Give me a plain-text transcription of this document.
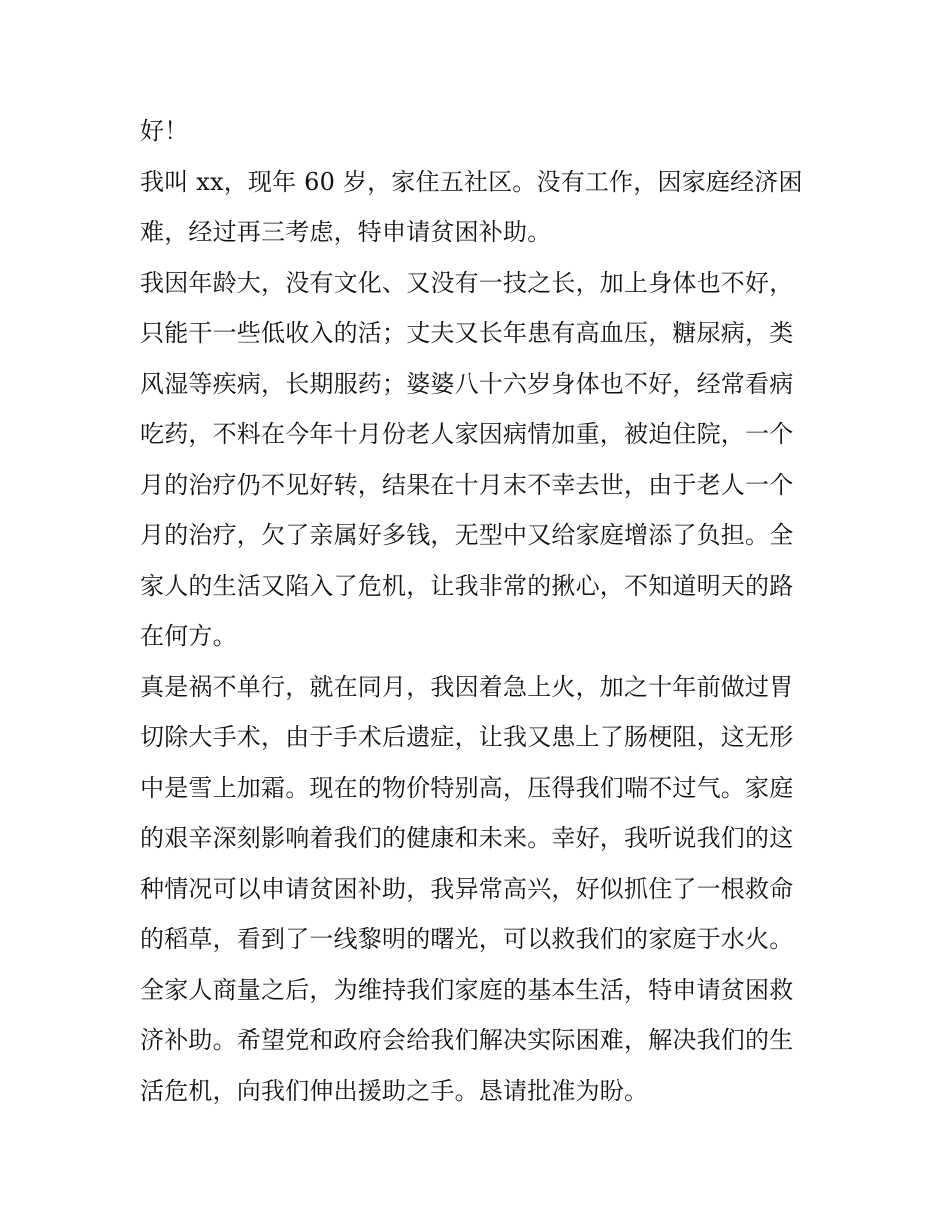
好！
我叫 xx，现年 60 岁，家住五社区。没有工作，因家庭经济困
难，经过再三考虑，特申请贫困补助。
我因年龄大，没有文化、又没有一技之长，加上身体也不好，
只能干一些低收入的活；丈夫又长年患有高血压，糖尿病，类
风湿等疾病，长期服药；婆婆八十六岁身体也不好，经常看病
吃药，不料在今年十月份老人家因病情加重，被迫住院，一个
月的治疗仍不见好转，结果在十月末不幸去世，由于老人一个
月的治疗，欠了亲属好多钱，无型中又给家庭增添了负担。全
家人的生活又陷入了危机，让我非常的揪心，不知道明天的路
在何方。
真是祸不单行，就在同月，我因着急上火，加之十年前做过胃
切除大手术，由于手术后遗症，让我又患上了肠梗阻，这无形
中是雪上加霜。现在的物价特别高，压得我们喘不过气。家庭
的艰辛深刻影响着我们的健康和未来。幸好，我听说我们的这
种情况可以申请贫困补助，我异常高兴，好似抓住了一根救命
的稻草，看到了一线黎明的曙光，可以救我们的家庭于水火。
全家人商量之后，为维持我们家庭的基本生活，特申请贫困救
济补助。希望党和政府会给我们解决实际困难，解决我们的生
活危机，向我们伸出援助之手。恳请批准为盼。
